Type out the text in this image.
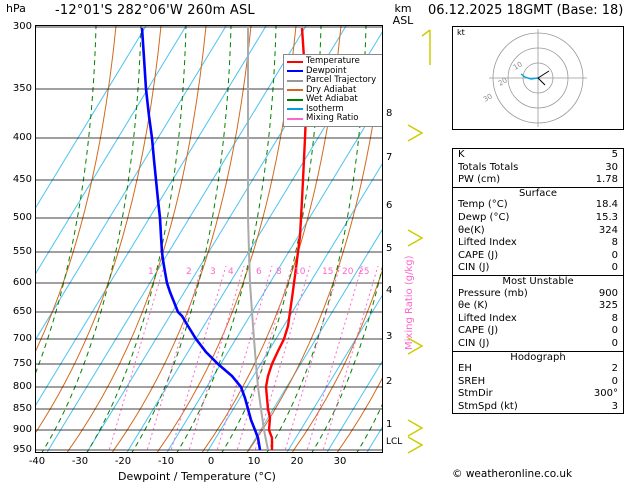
hPa -12°01'S 282°06'W 260m ASL	km
ASL
06.12.2025 18GMT (Base: 18)
Temperature
Dewpoint
Parcel Trajectory
Dry Adiabat
Wet Adiabat
Isotherm
Mixing Ratio
1	2 3 4 6 8 10 15 20 25
300
350
400
450
500
550
600
650
700
750
800
850
900
950
-40	-30	-20	-10	0	10	20	30
Dewpoint / Temperature (°C)
1
2
3
4
5
6
7
8
LCL
Mixing Ratio (g/kg)
kt
10
20
30
K	5
Totals Totals	30
PW (cm)	1.78
Surface
Temp (°C)	18.4
Dewp (°C)	15.3
θe(K)	324
Lifted Index	8
CAPE (J)	0
CIN (J)	0
Most Unstable
Pressure (mb)	900
θe (K)	325
Lifted Index	8
CAPE (J)	0
CIN (J)	0
Hodograph
EH	2
SREH	0
StmDir	300°
StmSpd (kt)	3
© weatheronline.co.uk
